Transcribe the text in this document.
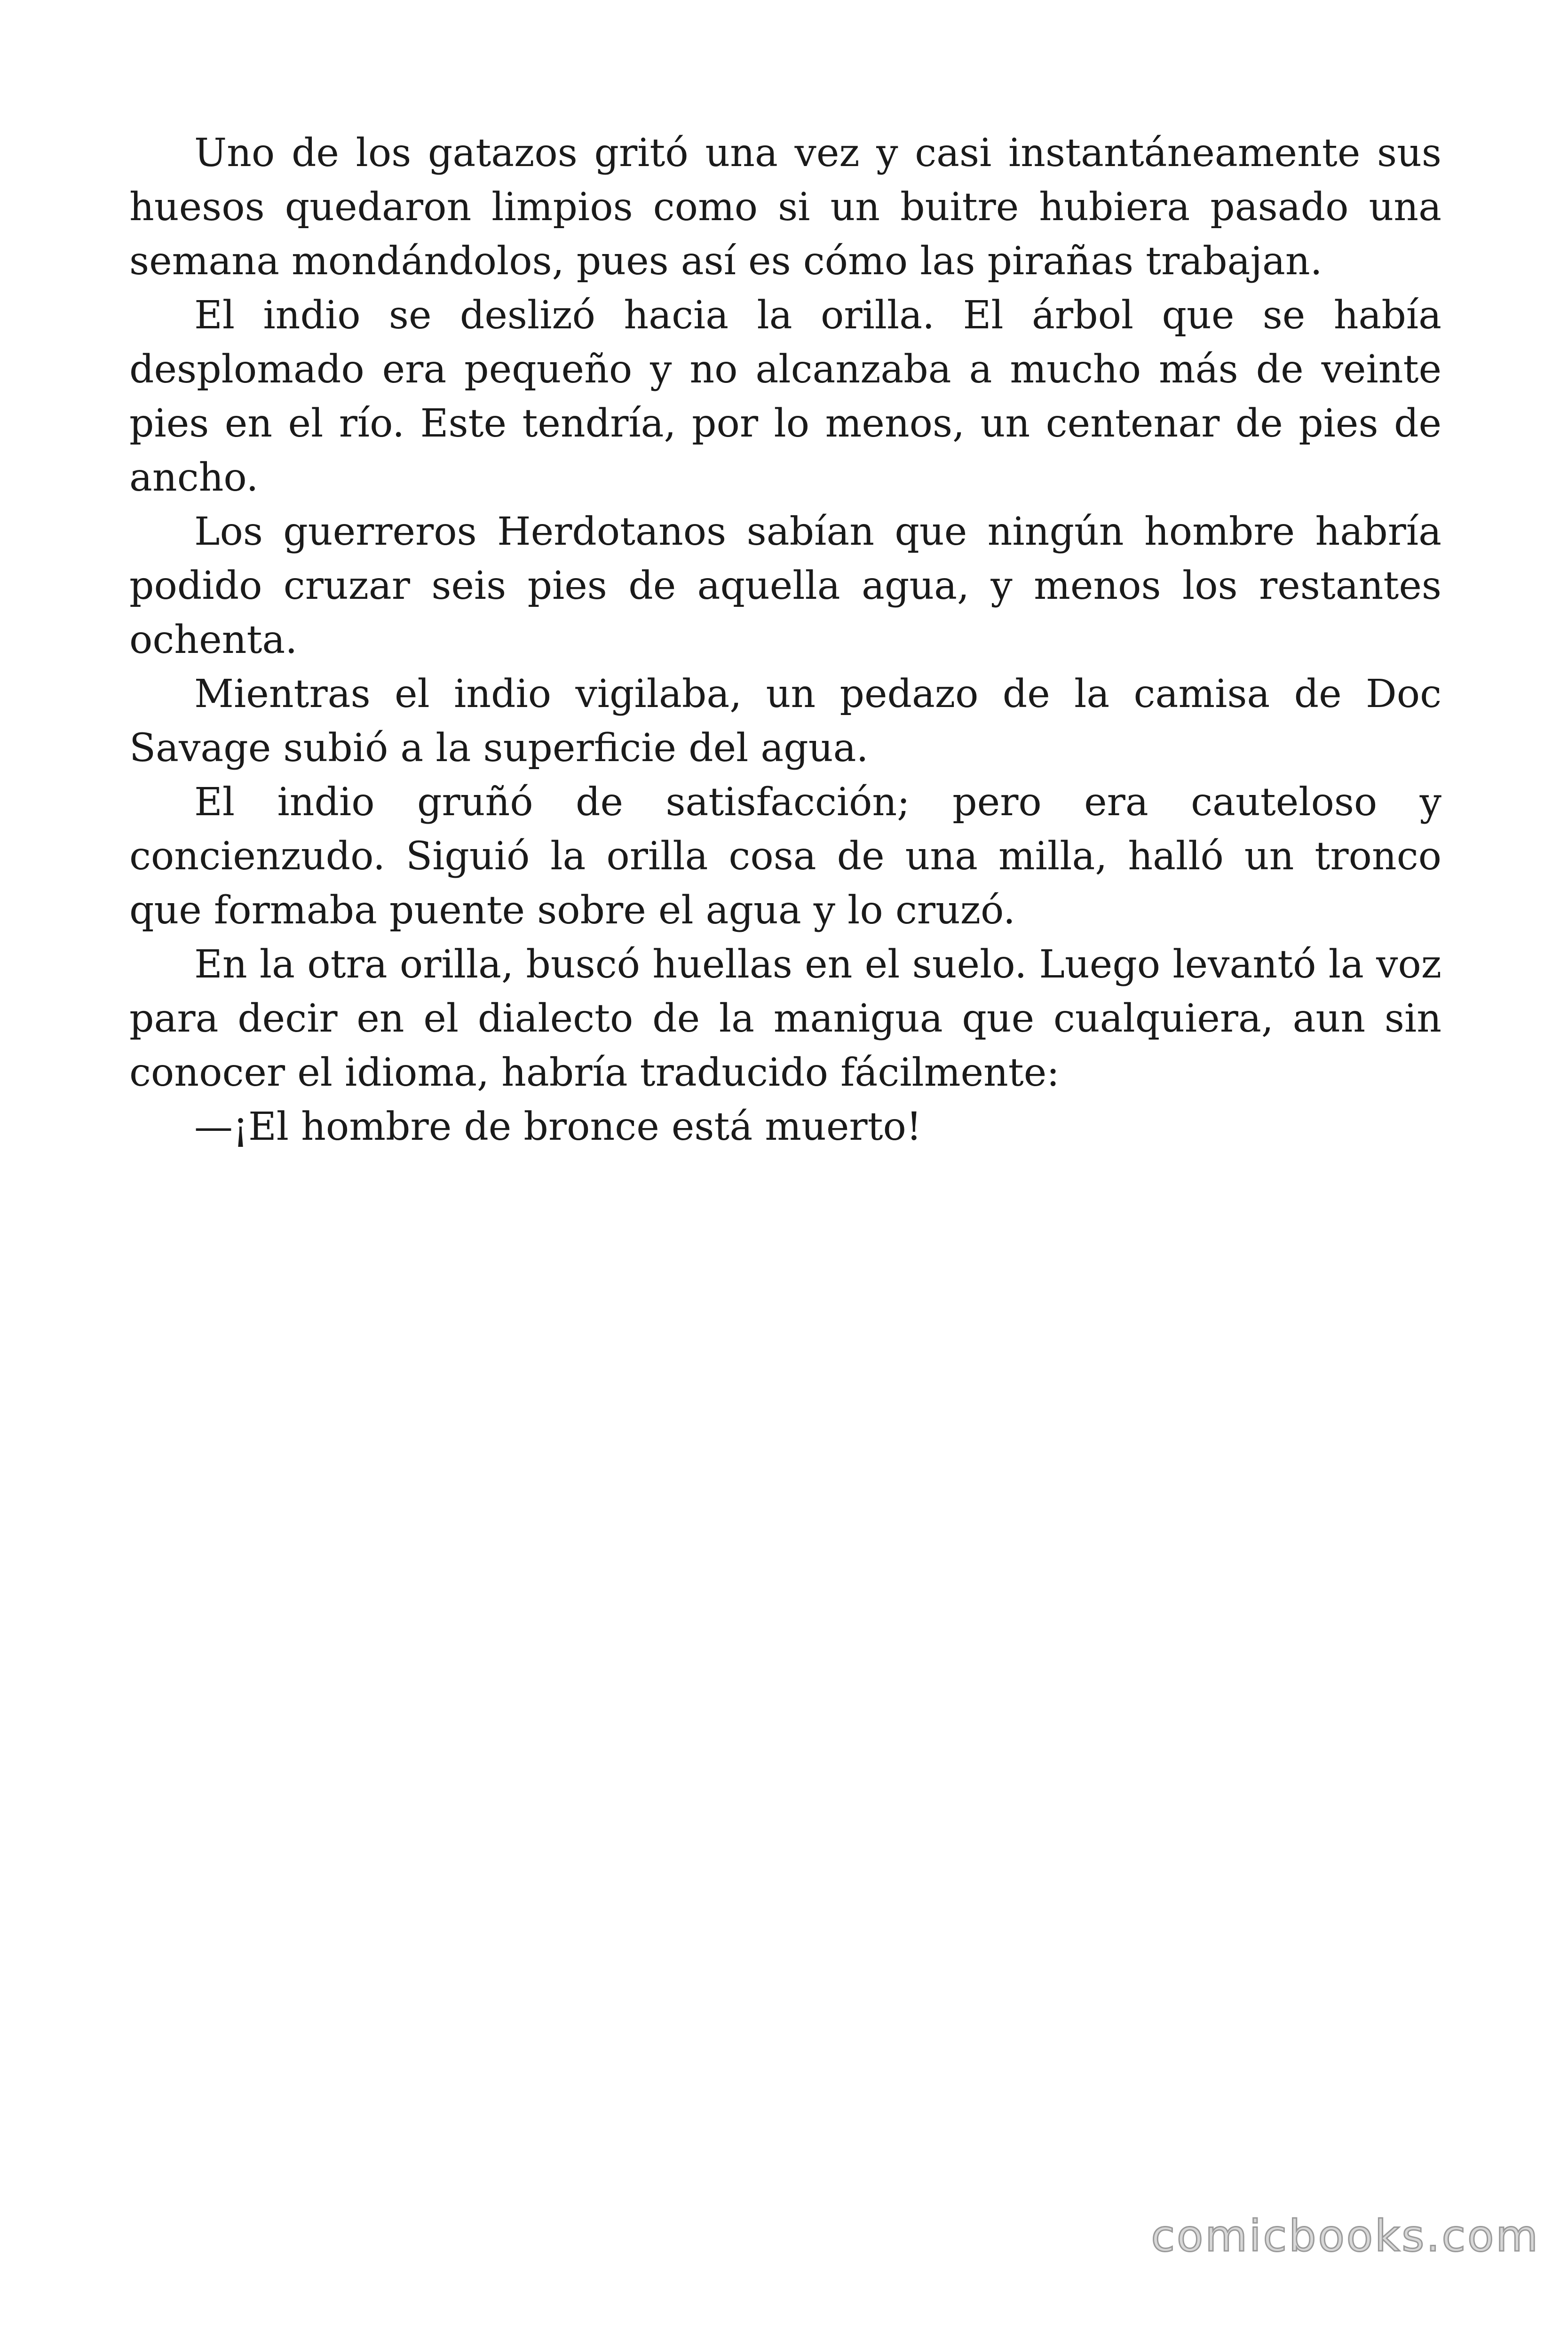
Uno de los gatazos gritó una vez y casi instantáneamente sus huesos quedaron limpios como si un buitre hubiera pasado una semana mondándolos, pues así es cómo las pirañas trabajan.

El indio se deslizó hacia la orilla. El árbol que se había desplomado era pequeño y no alcanzaba a mucho más de veinte pies en el río. Este tendría, por lo menos, un centenar de pies de ancho.

Los guerreros Herdotanos sabían que ningún hombre habría podido cruzar seis pies de aquella agua, y menos los restantes ochenta.

Mientras el indio vigilaba, un pedazo de la camisa de Doc Savage subió a la superficie del agua.

El indio gruñó de satisfacción; pero era cauteloso y concienzudo. Siguió la orilla cosa de una milla, halló un tronco que formaba puente sobre el agua y lo cruzó.

En la otra orilla, buscó huellas en el suelo. Luego levantó la voz para decir en el dialecto de la manigua que cualquiera, aun sin conocer el idioma, habría traducido fácilmente:

—¡El hombre de bronce está muerto!

comicbooks.com
